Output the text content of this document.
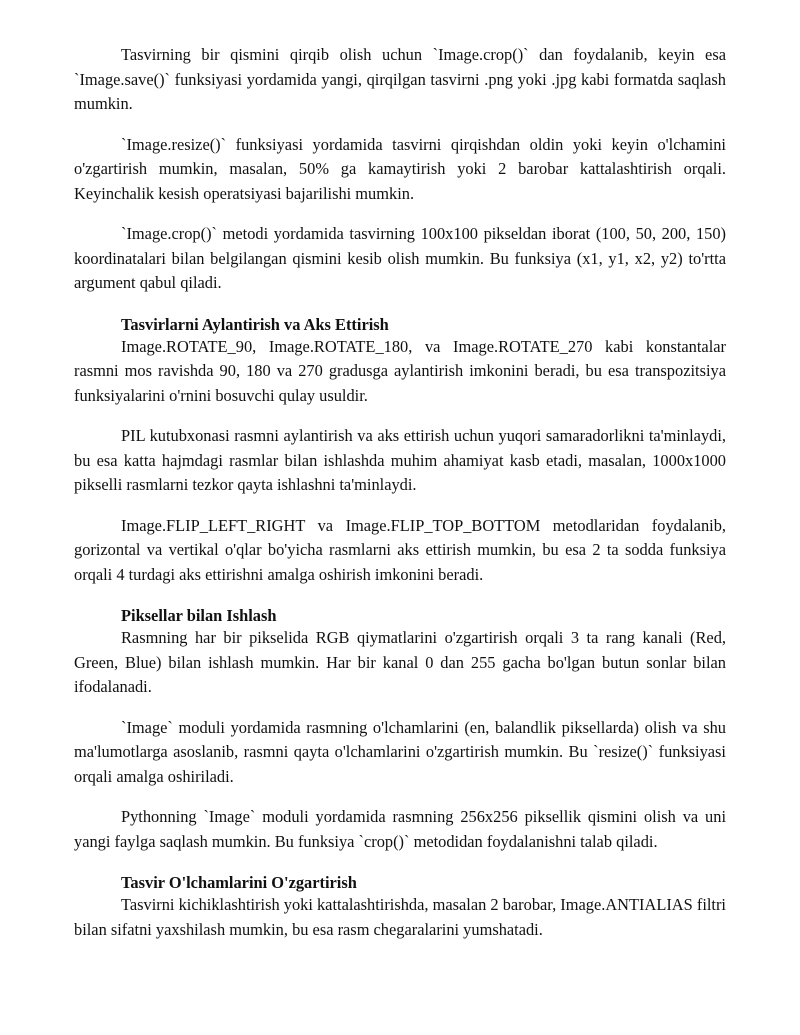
Tasvirning bir qismini qirqib olish uchun `Image.crop()` dan foydalanib, keyin esa `Image.save()` funksiyasi yordamida yangi, qirqilgan tasvirni .png yoki .jpg kabi formatda saqlash mumkin.

`Image.resize()` funksiyasi yordamida tasvirni qirqishdan oldin yoki keyin o'lchamini o'zgartirish mumkin, masalan, 50% ga kamaytirish yoki 2 barobar kattalashtirish orqali. Keyinchalik kesish operatsiyasi bajarilishi mumkin.

`Image.crop()` metodi yordamida tasvirning 100x100 pikseldan iborat (100, 50, 200, 150) koordinatalari bilan belgilangan qismini kesib olish mumkin. Bu funksiya (x1, y1, x2, y2) to'rtta argument qabul qiladi.

Tasvirlarni Aylantirish va Aks Ettirish

Image.ROTATE_90, Image.ROTATE_180, va Image.ROTATE_270 kabi konstantalar rasmni mos ravishda 90, 180 va 270 gradusga aylantirish imkonini beradi, bu esa transpozitsiya funksiyalarini o'rnini bosuvchi qulay usuldir.

PIL kutubxonasi rasmni aylantirish va aks ettirish uchun yuqori samaradorlikni ta'minlaydi, bu esa katta hajmdagi rasmlar bilan ishlashda muhim ahamiyat kasb etadi, masalan, 1000x1000 pikselli rasmlarni tezkor qayta ishlashni ta'minlaydi.

Image.FLIP_LEFT_RIGHT va Image.FLIP_TOP_BOTTOM metodlaridan foydalanib, gorizontal va vertikal o'qlar bo'yicha rasmlarni aks ettirish mumkin, bu esa 2 ta sodda funksiya orqali 4 turdagi aks ettirishni amalga oshirish imkonini beradi.

Piksellar bilan Ishlash

Rasmning har bir pikselida RGB qiymatlarini o'zgartirish orqali 3 ta rang kanali (Red, Green, Blue) bilan ishlash mumkin. Har bir kanal 0 dan 255 gacha bo'lgan butun sonlar bilan ifodalanadi.

`Image` moduli yordamida rasmning o'lchamlarini (en, balandlik piksellarda) olish va shu ma'lumotlarga asoslanib, rasmni qayta o'lchamlarini o'zgartirish mumkin. Bu `resize()` funksiyasi orqali amalga oshiriladi.

Pythonning `Image` moduli yordamida rasmning 256x256 piksellik qismini olish va uni yangi faylga saqlash mumkin. Bu funksiya `crop()` metodidan foydalanishni talab qiladi.

Tasvir O'lchamlarini O'zgartirish

Tasvirni kichiklashtirish yoki kattalashtirishda, masalan 2 barobar, Image.ANTIALIAS filtri bilan sifatni yaxshilash mumkin, bu esa rasm chegaralarini yumshatadi.
